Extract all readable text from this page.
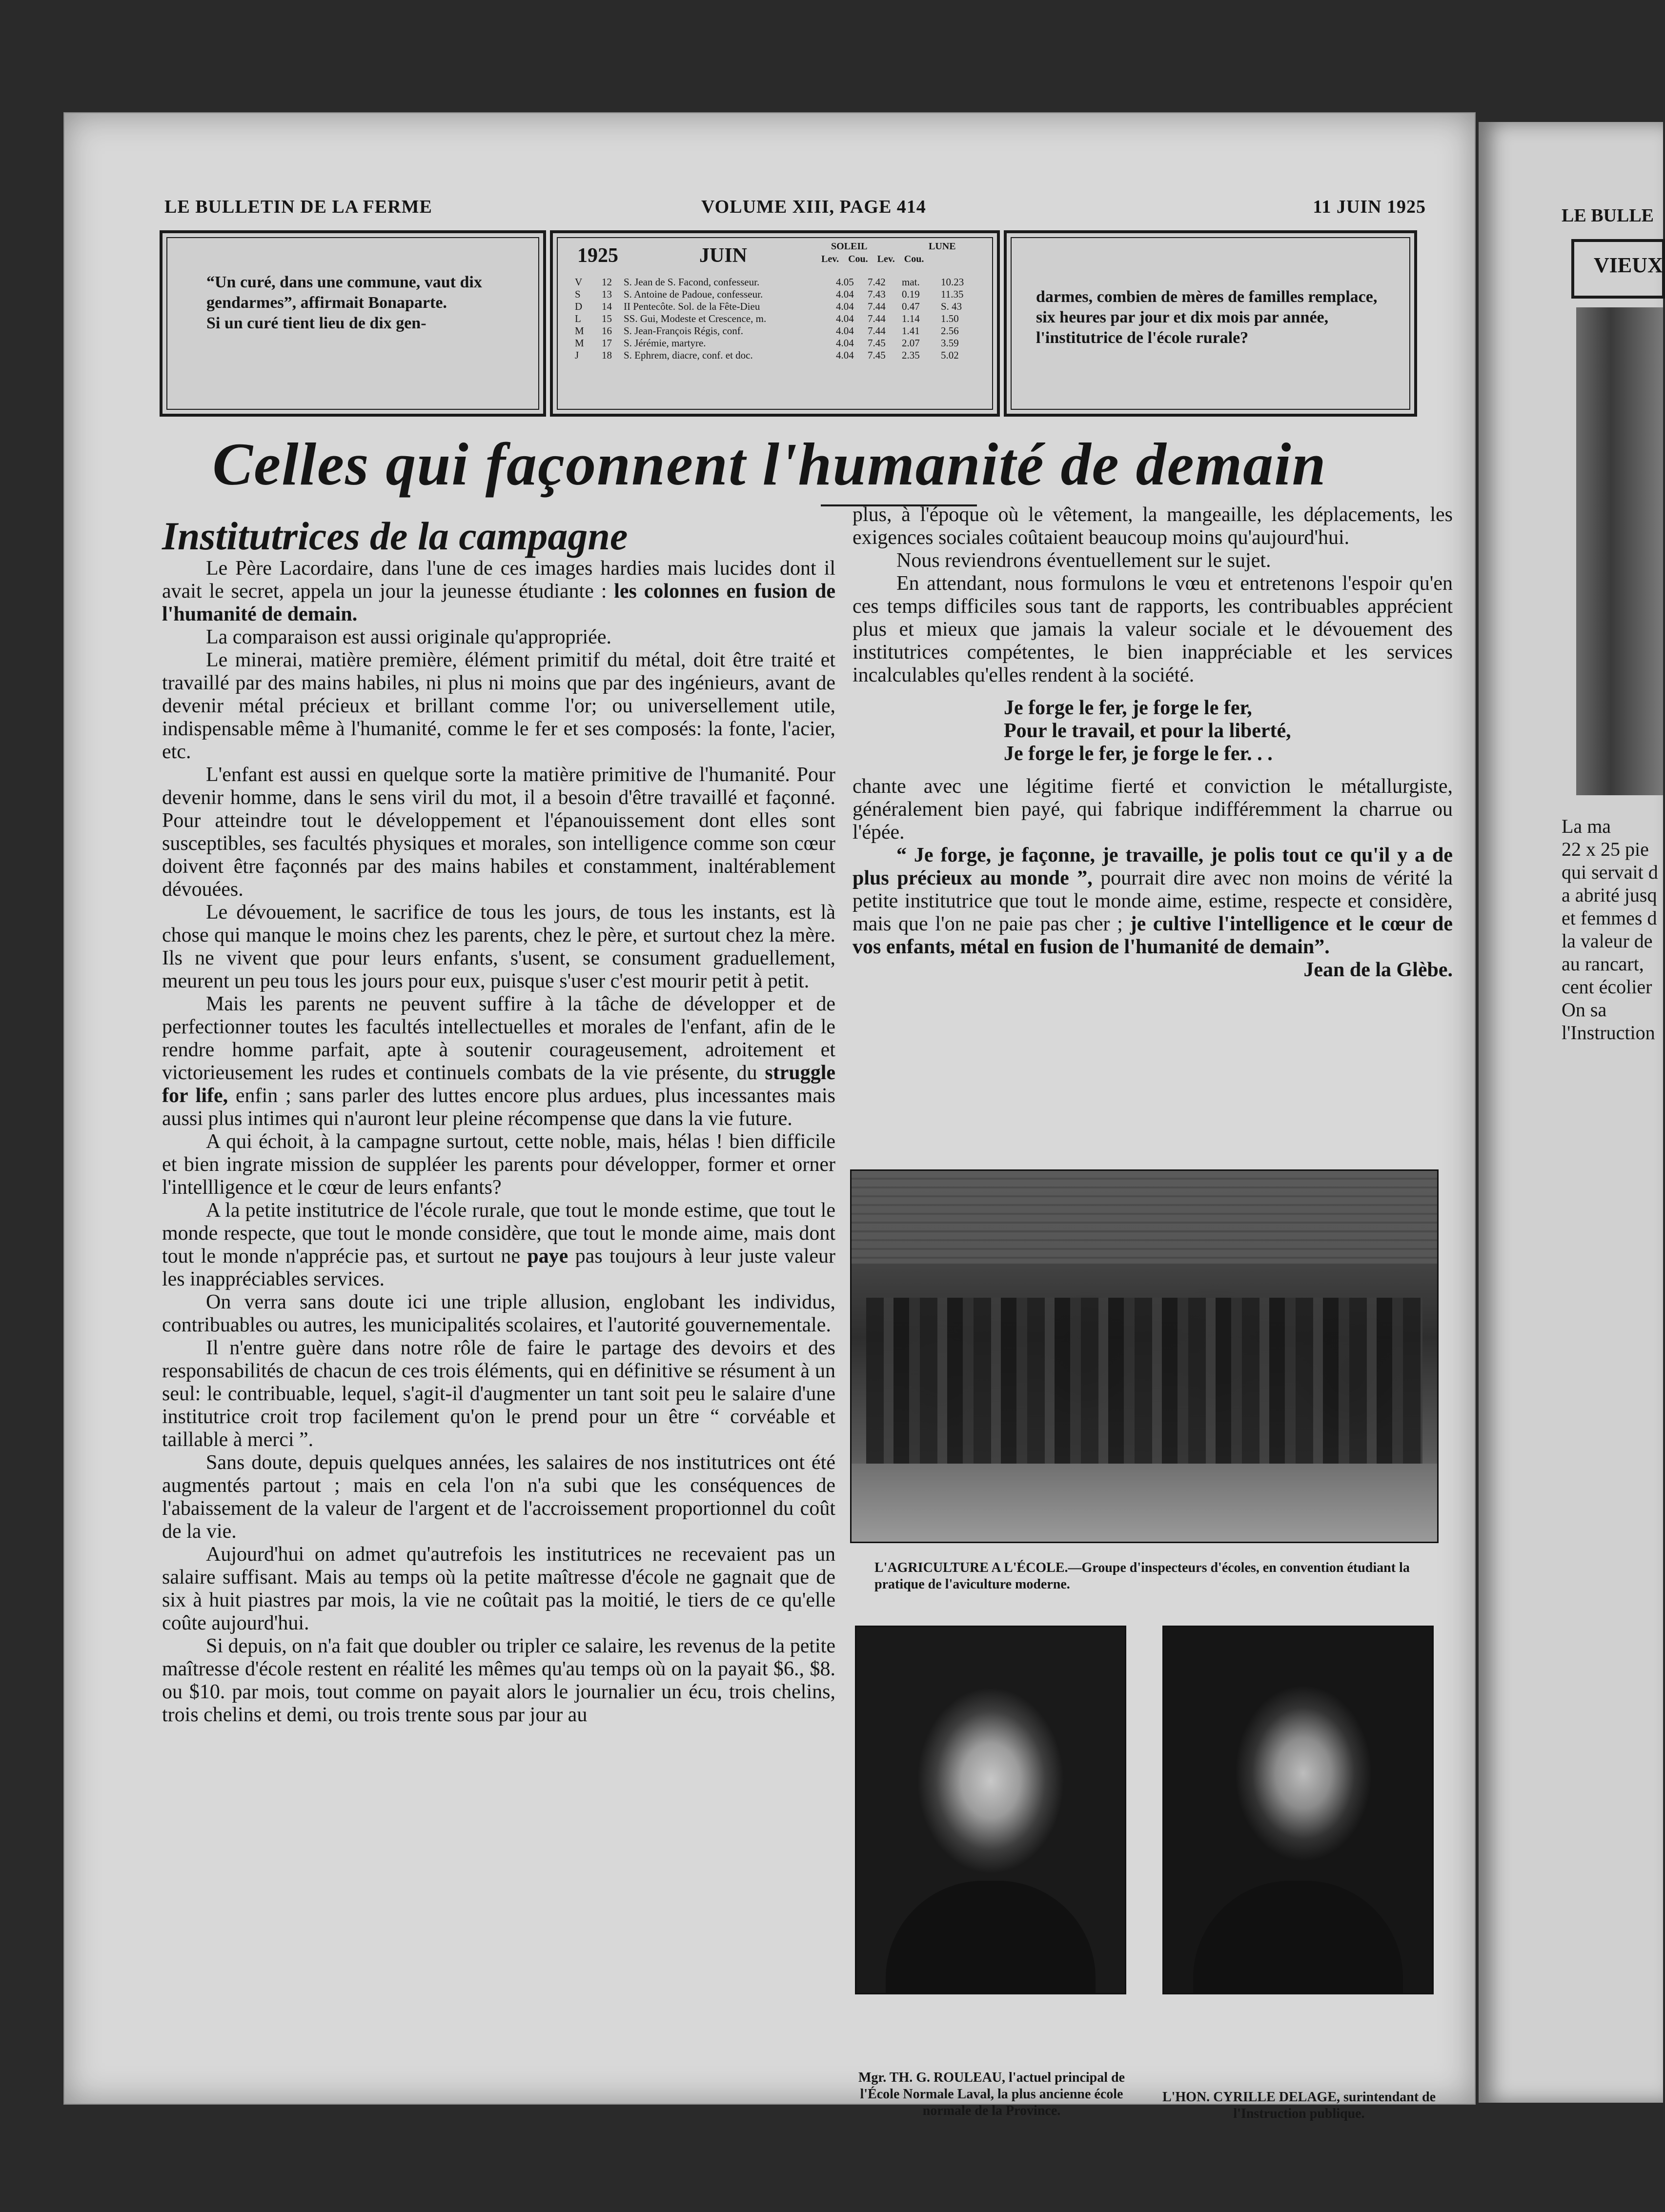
LE BULLETIN DE LA FERME	VOLUME XIII, PAGE 414	11 JUIN 1925
“Un curé, dans une commune, vaut dix gendarmes”, affirmait Bonaparte.
Si un curé tient lieu de dix gen-
1925	JUIN	SOLEIL	LUNE
Lev. Cou. Lev. Cou.
V	12 S. Jean de S. Facond, confesseur.	4.05 7.42 mat. 10.23
S	13 S. Antoine de Padoue, confesseur.	4.04 7.43 0.19 11.35
D	14 II Pentecôte. Sol. de la Fête-Dieu	4.04 7.44 0.47 S. 43
L	15 SS. Gui, Modeste et Crescence, m.	4.04 7.44 1.14 1.50
M	16 S. Jean-François Régis, conf.	4.04 7.44 1.41 2.56
M	17 S. Jérémie, martyre.	4.04 7.45 2.07 3.59
J	18 S. Ephrem, diacre, conf. et doc.	4.04 7.45 2.35 5.02
darmes, combien de mères de familles remplace, six heures par jour et dix mois par année, l'institutrice de l'école rurale?
Celles qui façonnent l'humanité de demain
Institutrices de la campagne

Le Père Lacordaire, dans l'une de ces images hardies mais lucides dont il avait le secret, appela un jour la jeunesse étudiante : les colonnes en fusion de l'humanité de demain.

La comparaison est aussi originale qu'appropriée.

Le minerai, matière première, élément primitif du métal, doit être traité et travaillé par des mains habiles, ni plus ni moins que par des ingénieurs, avant de devenir métal précieux et brillant comme l'or; ou universellement utile, indispensable même à l'humanité, comme le fer et ses composés: la fonte, l'acier, etc.

L'enfant est aussi en quelque sorte la matière primitive de l'humanité. Pour devenir homme, dans le sens viril du mot, il a besoin d'être travaillé et façonné. Pour atteindre tout le développement et l'épanouissement dont elles sont susceptibles, ses facultés physiques et morales, son intelligence comme son cœur doivent être façonnés par des mains habiles et constamment, inaltérablement dévouées.

Le dévouement, le sacrifice de tous les jours, de tous les instants, est là chose qui manque le moins chez les parents, chez le père, et surtout chez la mère. Ils ne vivent que pour leurs enfants, s'usent, se consument graduellement, meurent un peu tous les jours pour eux, puisque s'user c'est mourir petit à petit.

Mais les parents ne peuvent suffire à la tâche de développer et de perfectionner toutes les facultés intellectuelles et morales de l'enfant, afin de le rendre homme parfait, apte à soutenir courageusement, adroitement et victorieusement les rudes et continuels combats de la vie présente, du struggle for life, enfin ; sans parler des luttes encore plus ardues, plus incessantes mais aussi plus intimes qui n'auront leur pleine récompense que dans la vie future.

A qui échoit, à la campagne surtout, cette noble, mais, hélas ! bien difficile et bien ingrate mission de suppléer les parents pour développer, former et orner l'intellligence et le cœur de leurs enfants?

A la petite institutrice de l'école rurale, que tout le monde estime, que tout le monde respecte, que tout le monde considère, que tout le monde aime, mais dont tout le monde n'apprécie pas, et surtout ne paye pas toujours à leur juste valeur les inappréciables services.

On verra sans doute ici une triple allusion, englobant les individus, contribuables ou autres, les municipalités scolaires, et l'autorité gouvernementale.

Il n'entre guère dans notre rôle de faire le partage des devoirs et des responsabilités de chacun de ces trois éléments, qui en définitive se résument à un seul: le contribuable, lequel, s'agit-il d'augmenter un tant soit peu le salaire d'une institutrice croit trop facilement qu'on le prend pour un être “ corvéable et taillable à merci ”.

Sans doute, depuis quelques années, les salaires de nos institutrices ont été augmentés partout ; mais en cela l'on n'a subi que les conséquences de l'abaissement de la valeur de l'argent et de l'accroissement proportionnel du coût de la vie.

Aujourd'hui on admet qu'autrefois les institutrices ne recevaient pas un salaire suffisant. Mais au temps où la petite maîtresse d'école ne gagnait que de six à huit piastres par mois, la vie ne coûtait pas la moitié, le tiers de ce qu'elle coûte aujourd'hui.

Si depuis, on n'a fait que doubler ou tripler ce salaire, les revenus de la petite maîtresse d'école restent en réalité les mêmes qu'au temps où on la payait $6., $8. ou $10. par mois, tout comme on payait alors le journalier un écu, trois chelins, trois chelins et demi, ou trois trente sous par jour au

plus, à l'époque où le vêtement, la mangeaille, les déplacements, les exigences sociales coûtaient beaucoup moins qu'aujourd'hui.

Nous reviendrons éventuellement sur le sujet.

En attendant, nous formulons le vœu et entretenons l'espoir qu'en ces temps difficiles sous tant de rapports, les contribuables apprécient plus et mieux que jamais la valeur sociale et le dévouement des institutrices compétentes, le bien inappréciable et les services incalculables qu'elles rendent à la société.

Je forge le fer, je forge le fer,
Pour le travail, et pour la liberté,
Je forge le fer, je forge le fer. . .

chante avec une légitime fierté et conviction le métallurgiste, généralement bien payé, qui fabrique indifféremment la charrue ou l'épée.

“ Je forge, je façonne, je travaille, je polis tout ce qu'il y a de plus précieux au monde ”, pourrait dire avec non moins de vérité la petite institutrice que tout le monde aime, estime, respecte et considère, mais que l'on ne paie pas cher ; je cultive l'intelligence et le cœur de vos enfants, métal en fusion de l'humanité de demain”.
Jean de la Glèbe.

L'AGRICULTURE A L'ÉCOLE.—Groupe d'inspecteurs d'écoles, en convention étudiant la pratique de l'aviculture moderne.
Mgr. TH. G. ROULEAU, l'actuel principal de l'École Normale Laval, la plus ancienne école normale de la Province.
L'HON. CYRILLE DELAGE, surintendant de l'Instruction publique.
LE BULLE
VIEUX
La ma
22 x 25 pie
qui servait d
a abrité jusq
et femmes d
la valeur de
au rancart,
cent écolier
On sa
l'Instruction
